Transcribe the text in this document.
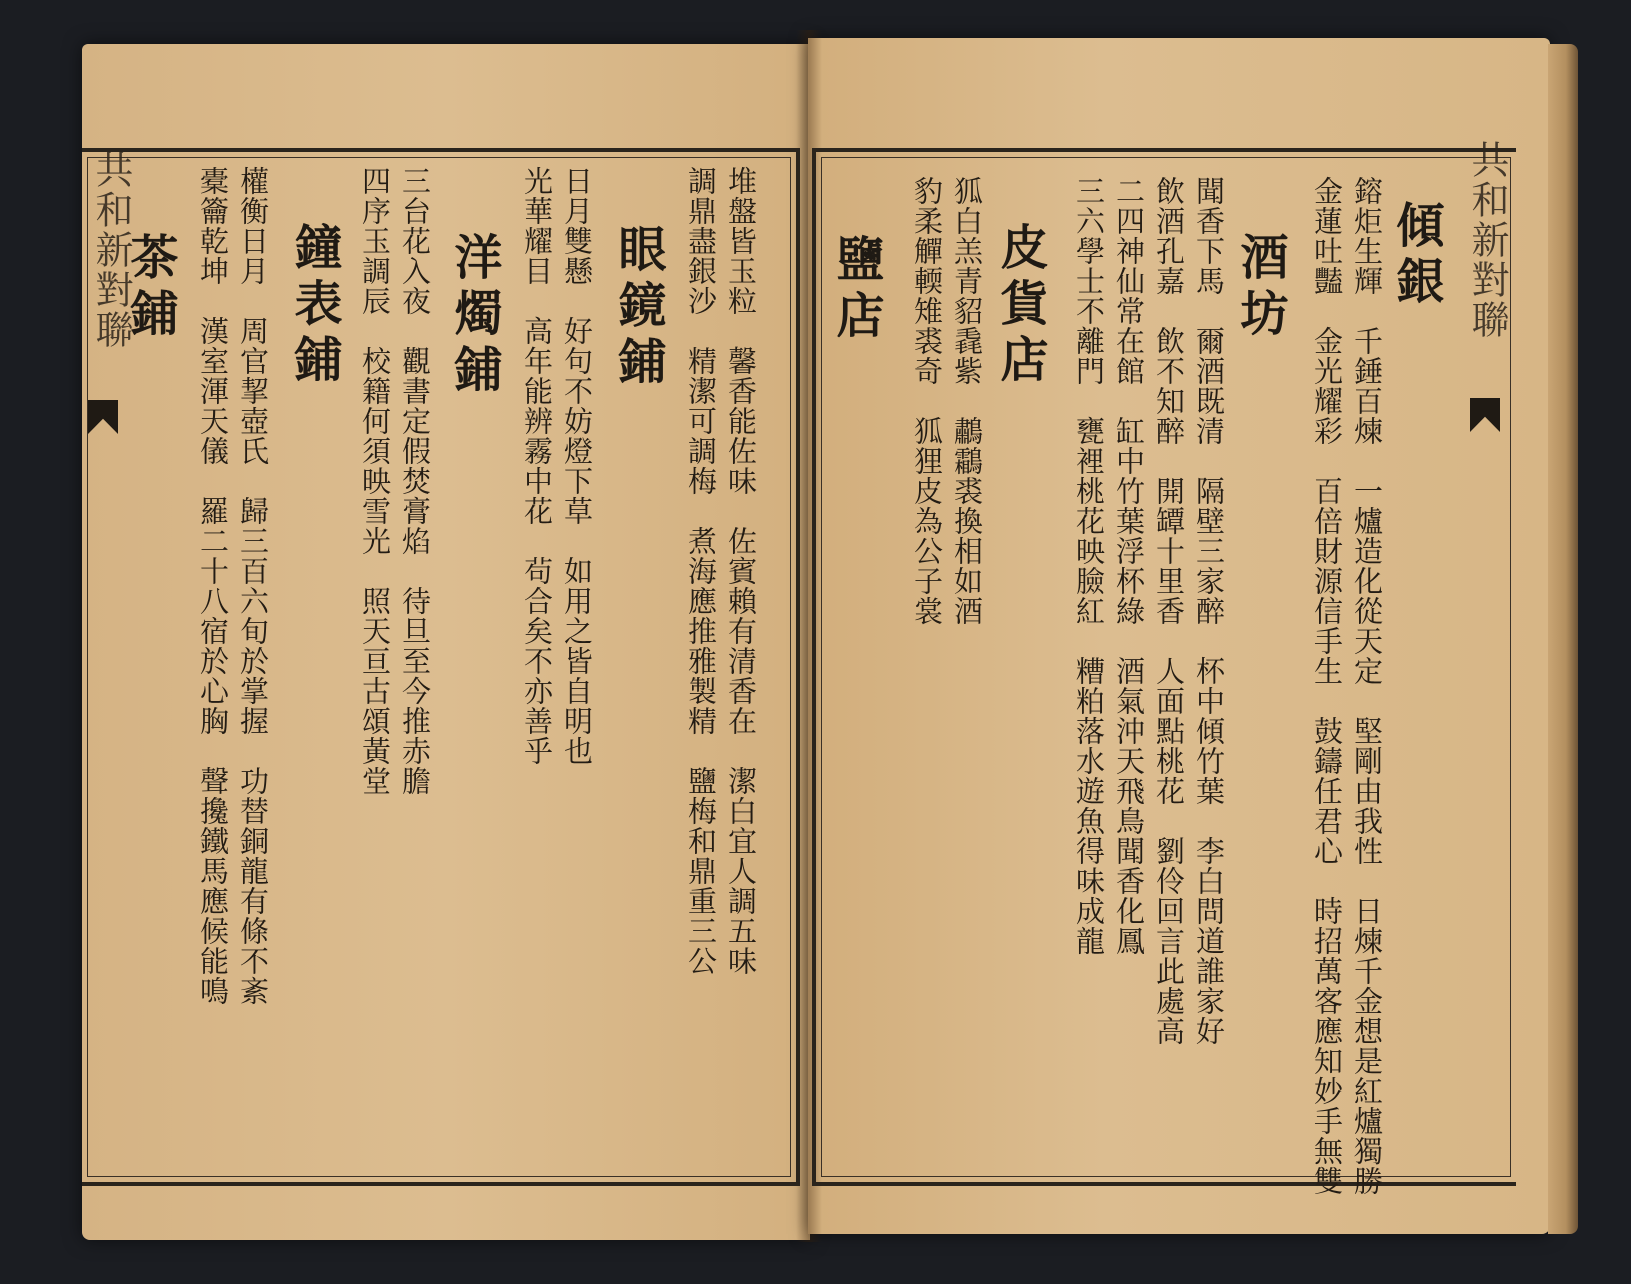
共和新對聯	共和新對聯
傾銀
鎔炬生輝　千錘百煉　一爐造化從天定　堅剛由我性　日煉千金想是紅爐獨勝
金蓮吐豔　金光耀彩　百倍財源信手生　鼓鑄任君心　時招萬客應知妙手無雙
酒坊
聞香下馬　爾酒既清　隔壁三家醉　杯中傾竹葉　李白問道誰家好
飲酒孔嘉　飲不知醉　開罈十里香　人面點桃花　劉伶回言此處高
二四神仙常在館　缸中竹葉浮杯綠　酒氣沖天飛鳥聞香化鳳
三六學士不離門　甕裡桃花映臉紅　糟粕落水遊魚得味成龍
皮貨店
狐白羔青貂毳紫　鷫鸘裘換相如酒
豹柔觶輭雉裘奇　狐狸皮為公子裳
鹽店
堆盤皆玉粒　馨香能佐味　佐賓賴有清香在　潔白宜人調五味
調鼎盡銀沙　精潔可調梅　煮海應推雅製精　鹽梅和鼎重三公
眼鏡鋪
日月雙懸　好句不妨燈下草　如用之皆自明也
光華耀目　高年能辨霧中花　茍合矣不亦善乎
洋燭鋪
三台花入夜　觀書定假焚膏焰　待旦至今推赤膽
四序玉調辰　校籍何須映雪光　照天亘古頌黃堂
鐘表鋪
權衡日月　周官挈壺氏　歸三百六旬於掌握　功替銅龍有條不紊
橐籥乾坤　漢室渾天儀　羅二十八宿於心胸　聲攙鐵馬應候能鳴
茶鋪
